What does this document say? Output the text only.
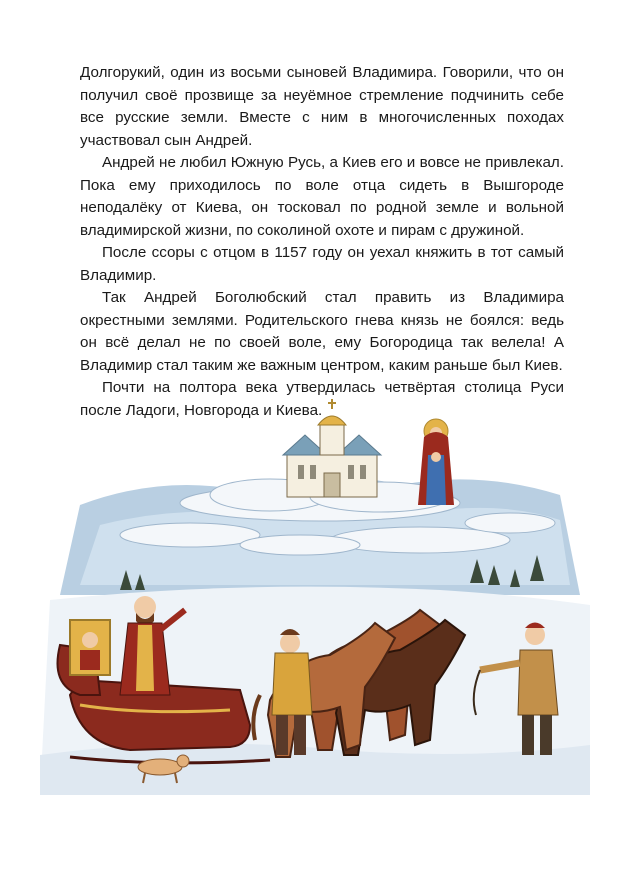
Долгорукий, один из восьми сыновей Владимира. Говорили, что он получил своё прозвище за неуёмное стремление подчинить себе все русские земли. Вместе с ним в многочисленных походах участвовал сын Андрей.

Андрей не любил Южную Русь, а Киев его и вовсе не привлекал. Пока ему приходилось по воле отца сидеть в Вышгороде неподалёку от Киева, он тосковал по родной земле и вольной владимирской жизни, по соколиной охоте и пирам с дружиной.

После ссоры с отцом в 1157 году он уехал княжить в тот самый Владимир.

Так Андрей Боголюбский стал править из Владимира окрестными землями. Родительского гнева князь не боялся: ведь он всё делал не по своей воле, ему Богородица так велела! А Владимир стал таким же важным центром, каким раньше был Киев.

Почти на полтора века утвердилась четвёртая столица Руси после Ладоги, Новгорода и Киева.
